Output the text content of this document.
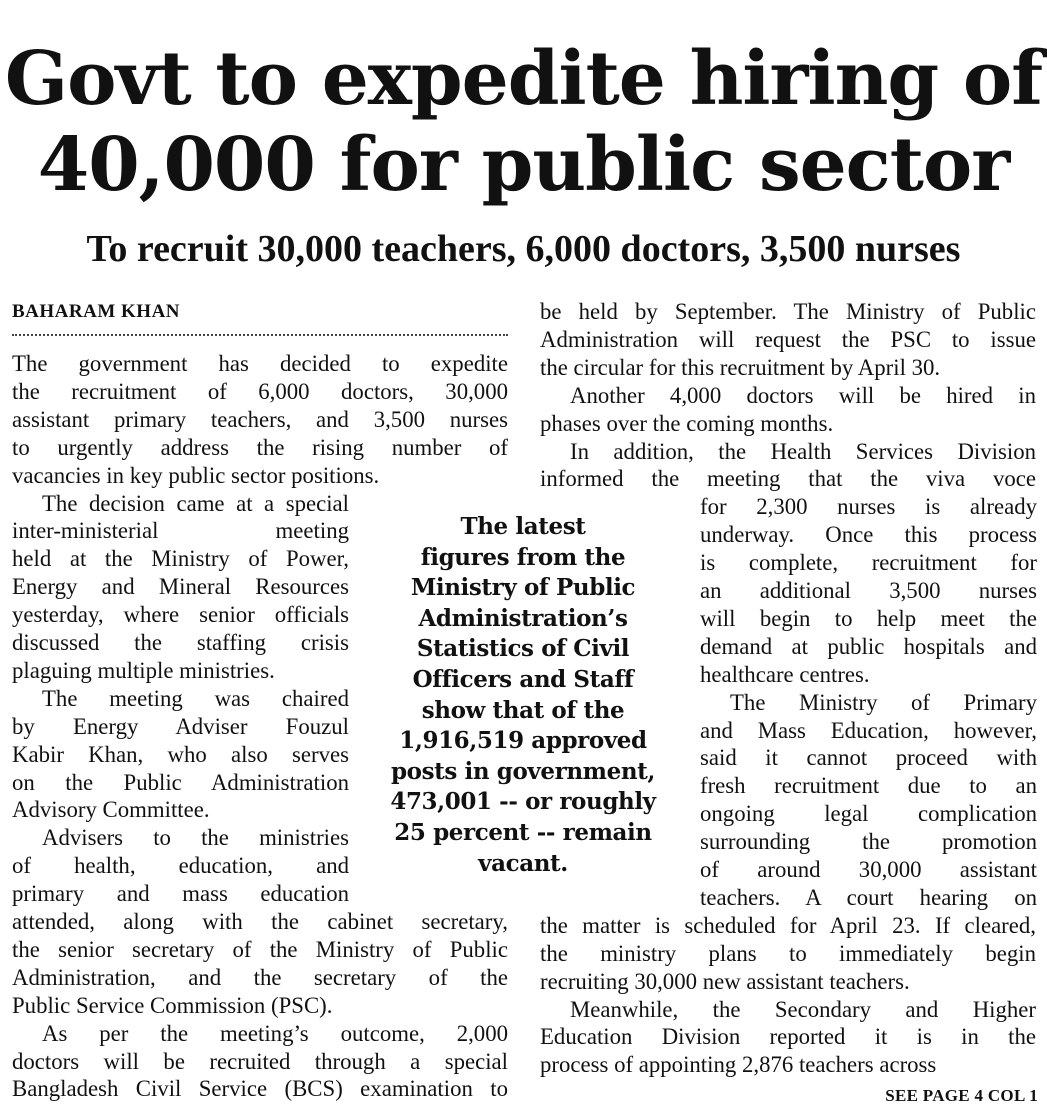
Govt to expedite hiring of
40,000 for public sector
To recruit 30,000 teachers, 6,000 doctors, 3,500 nurses
BAHARAM KHAN
The government has decided to expedite
the recruitment of 6,000 doctors, 30,000
assistant primary teachers, and 3,500 nurses
to urgently address the rising number of
vacancies in key public sector positions.
The decision came at a special
inter-ministerial meeting
held at the Ministry of Power,
Energy and Mineral Resources
yesterday, where senior officials
discussed the staffing crisis
plaguing multiple ministries.
The meeting was chaired
by Energy Adviser Fouzul
Kabir Khan, who also serves
on the Public Administration
Advisory Committee.
Advisers to the ministries
of health, education, and
primary and mass education
attended, along with the cabinet secretary,
the senior secretary of the Ministry of Public
Administration, and the secretary of the
Public Service Commission (PSC).
As per the meeting’s outcome, 2,000
doctors will be recruited through a special
Bangladesh Civil Service (BCS) examination to
be held by September. The Ministry of Public
Administration will request the PSC to issue
the circular for this recruitment by April 30.
Another 4,000 doctors will be hired in
phases over the coming months.
In addition, the Health Services Division
informed the meeting that the viva voce
for 2,300 nurses is already
underway. Once this process
is complete, recruitment for
an additional 3,500 nurses
will begin to help meet the
demand at public hospitals and
healthcare centres.
The Ministry of Primary
and Mass Education, however,
said it cannot proceed with
fresh recruitment due to an
ongoing legal complication
surrounding the promotion
of around 30,000 assistant
teachers. A court hearing on
the matter is scheduled for April 23. If cleared,
the ministry plans to immediately begin
recruiting 30,000 new assistant teachers.
Meanwhile, the Secondary and Higher
Education Division reported it is in the
process of appointing 2,876 teachers across
The latest
figures from the
Ministry of Public
Administration’s
Statistics of Civil
Officers and Staff
show that of the
1,916,519 approved
posts in government,
473,001 -- or roughly
25 percent -- remain
vacant.
SEE PAGE 4 COL 1
